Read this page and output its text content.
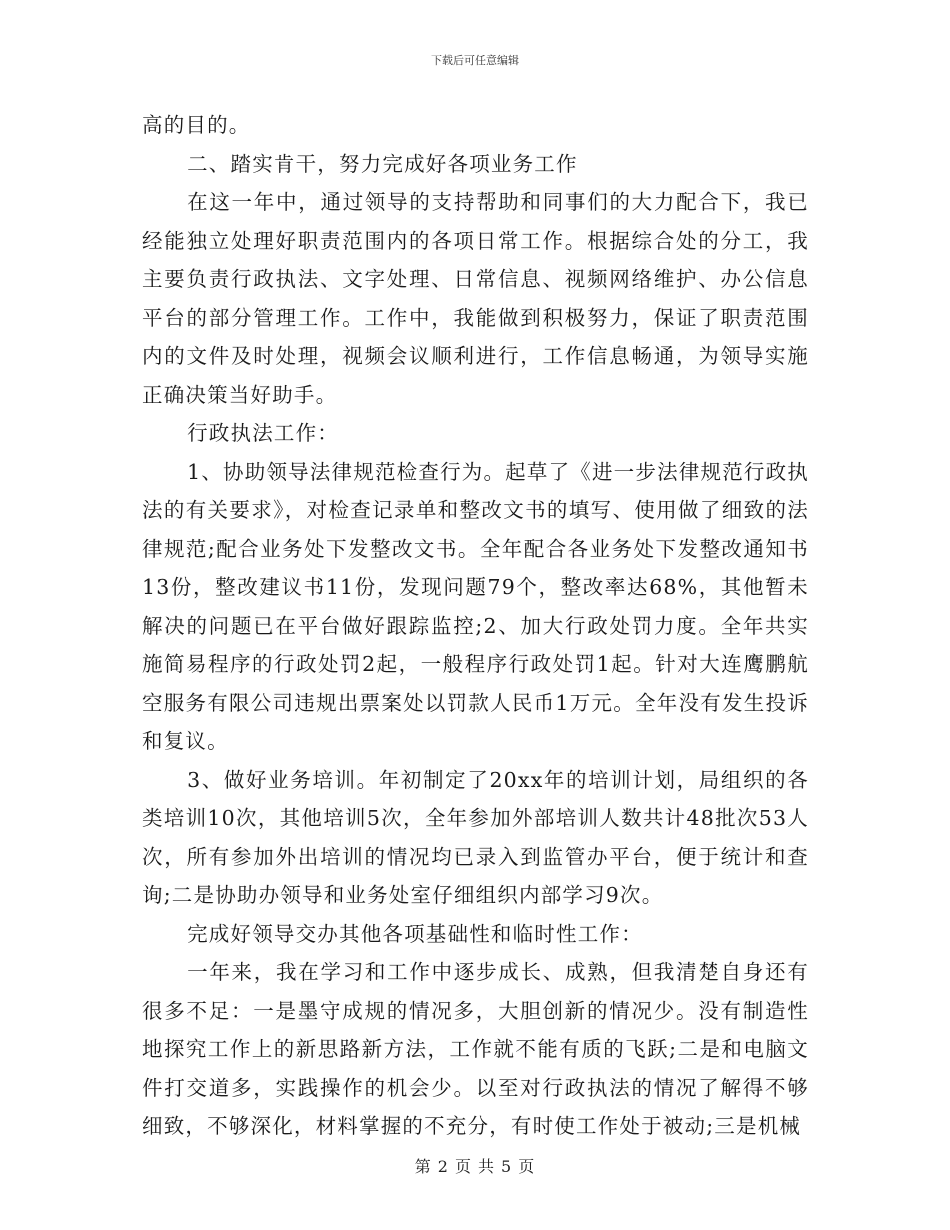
下载后可任意编辑

高的目的。

二、踏实肯干，努力完成好各项业务工作

在这一年中，通过领导的支持帮助和同事们的大力配合下，我已经能独立处理好职责范围内的各项日常工作。根据综合处的分工，我主要负责行政执法、文字处理、日常信息、视频网络维护、办公信息平台的部分管理工作。工作中，我能做到积极努力，保证了职责范围内的文件及时处理，视频会议顺利进行，工作信息畅通，为领导实施正确决策当好助手。

行政执法工作：

1、协助领导法律规范检查行为。起草了《进一步法律规范行政执法的有关要求》，对检查记录单和整改文书的填写、使用做了细致的法律规范;配合业务处下发整改文书。全年配合各业务处下发整改通知书13份，整改建议书11份，发现问题79个，整改率达68%，其他暂未解决的问题已在平台做好跟踪监控;2、加大行政处罚力度。全年共实施简易程序的行政处罚2起，一般程序行政处罚1起。针对大连鹰鹏航空服务有限公司违规出票案处以罚款人民币1万元。全年没有发生投诉和复议。

3、做好业务培训。年初制定了20xx年的培训计划，局组织的各类培训10次，其他培训5次，全年参加外部培训人数共计48批次53人次，所有参加外出培训的情况均已录入到监管办平台，便于统计和查询;二是协助办领导和业务处室仔细组织内部学习9次。

完成好领导交办其他各项基础性和临时性工作：

一年来，我在学习和工作中逐步成长、成熟，但我清楚自身还有很多不足：一是墨守成规的情况多，大胆创新的情况少。没有制造性地探究工作上的新思路新方法，工作就不能有质的飞跃;二是和电脑文件打交道多，实践操作的机会少。以至对行政执法的情况了解得不够细致，不够深化，材料掌握的不充分，有时使工作处于被动;三是机械

第 2 页 共 5 页
